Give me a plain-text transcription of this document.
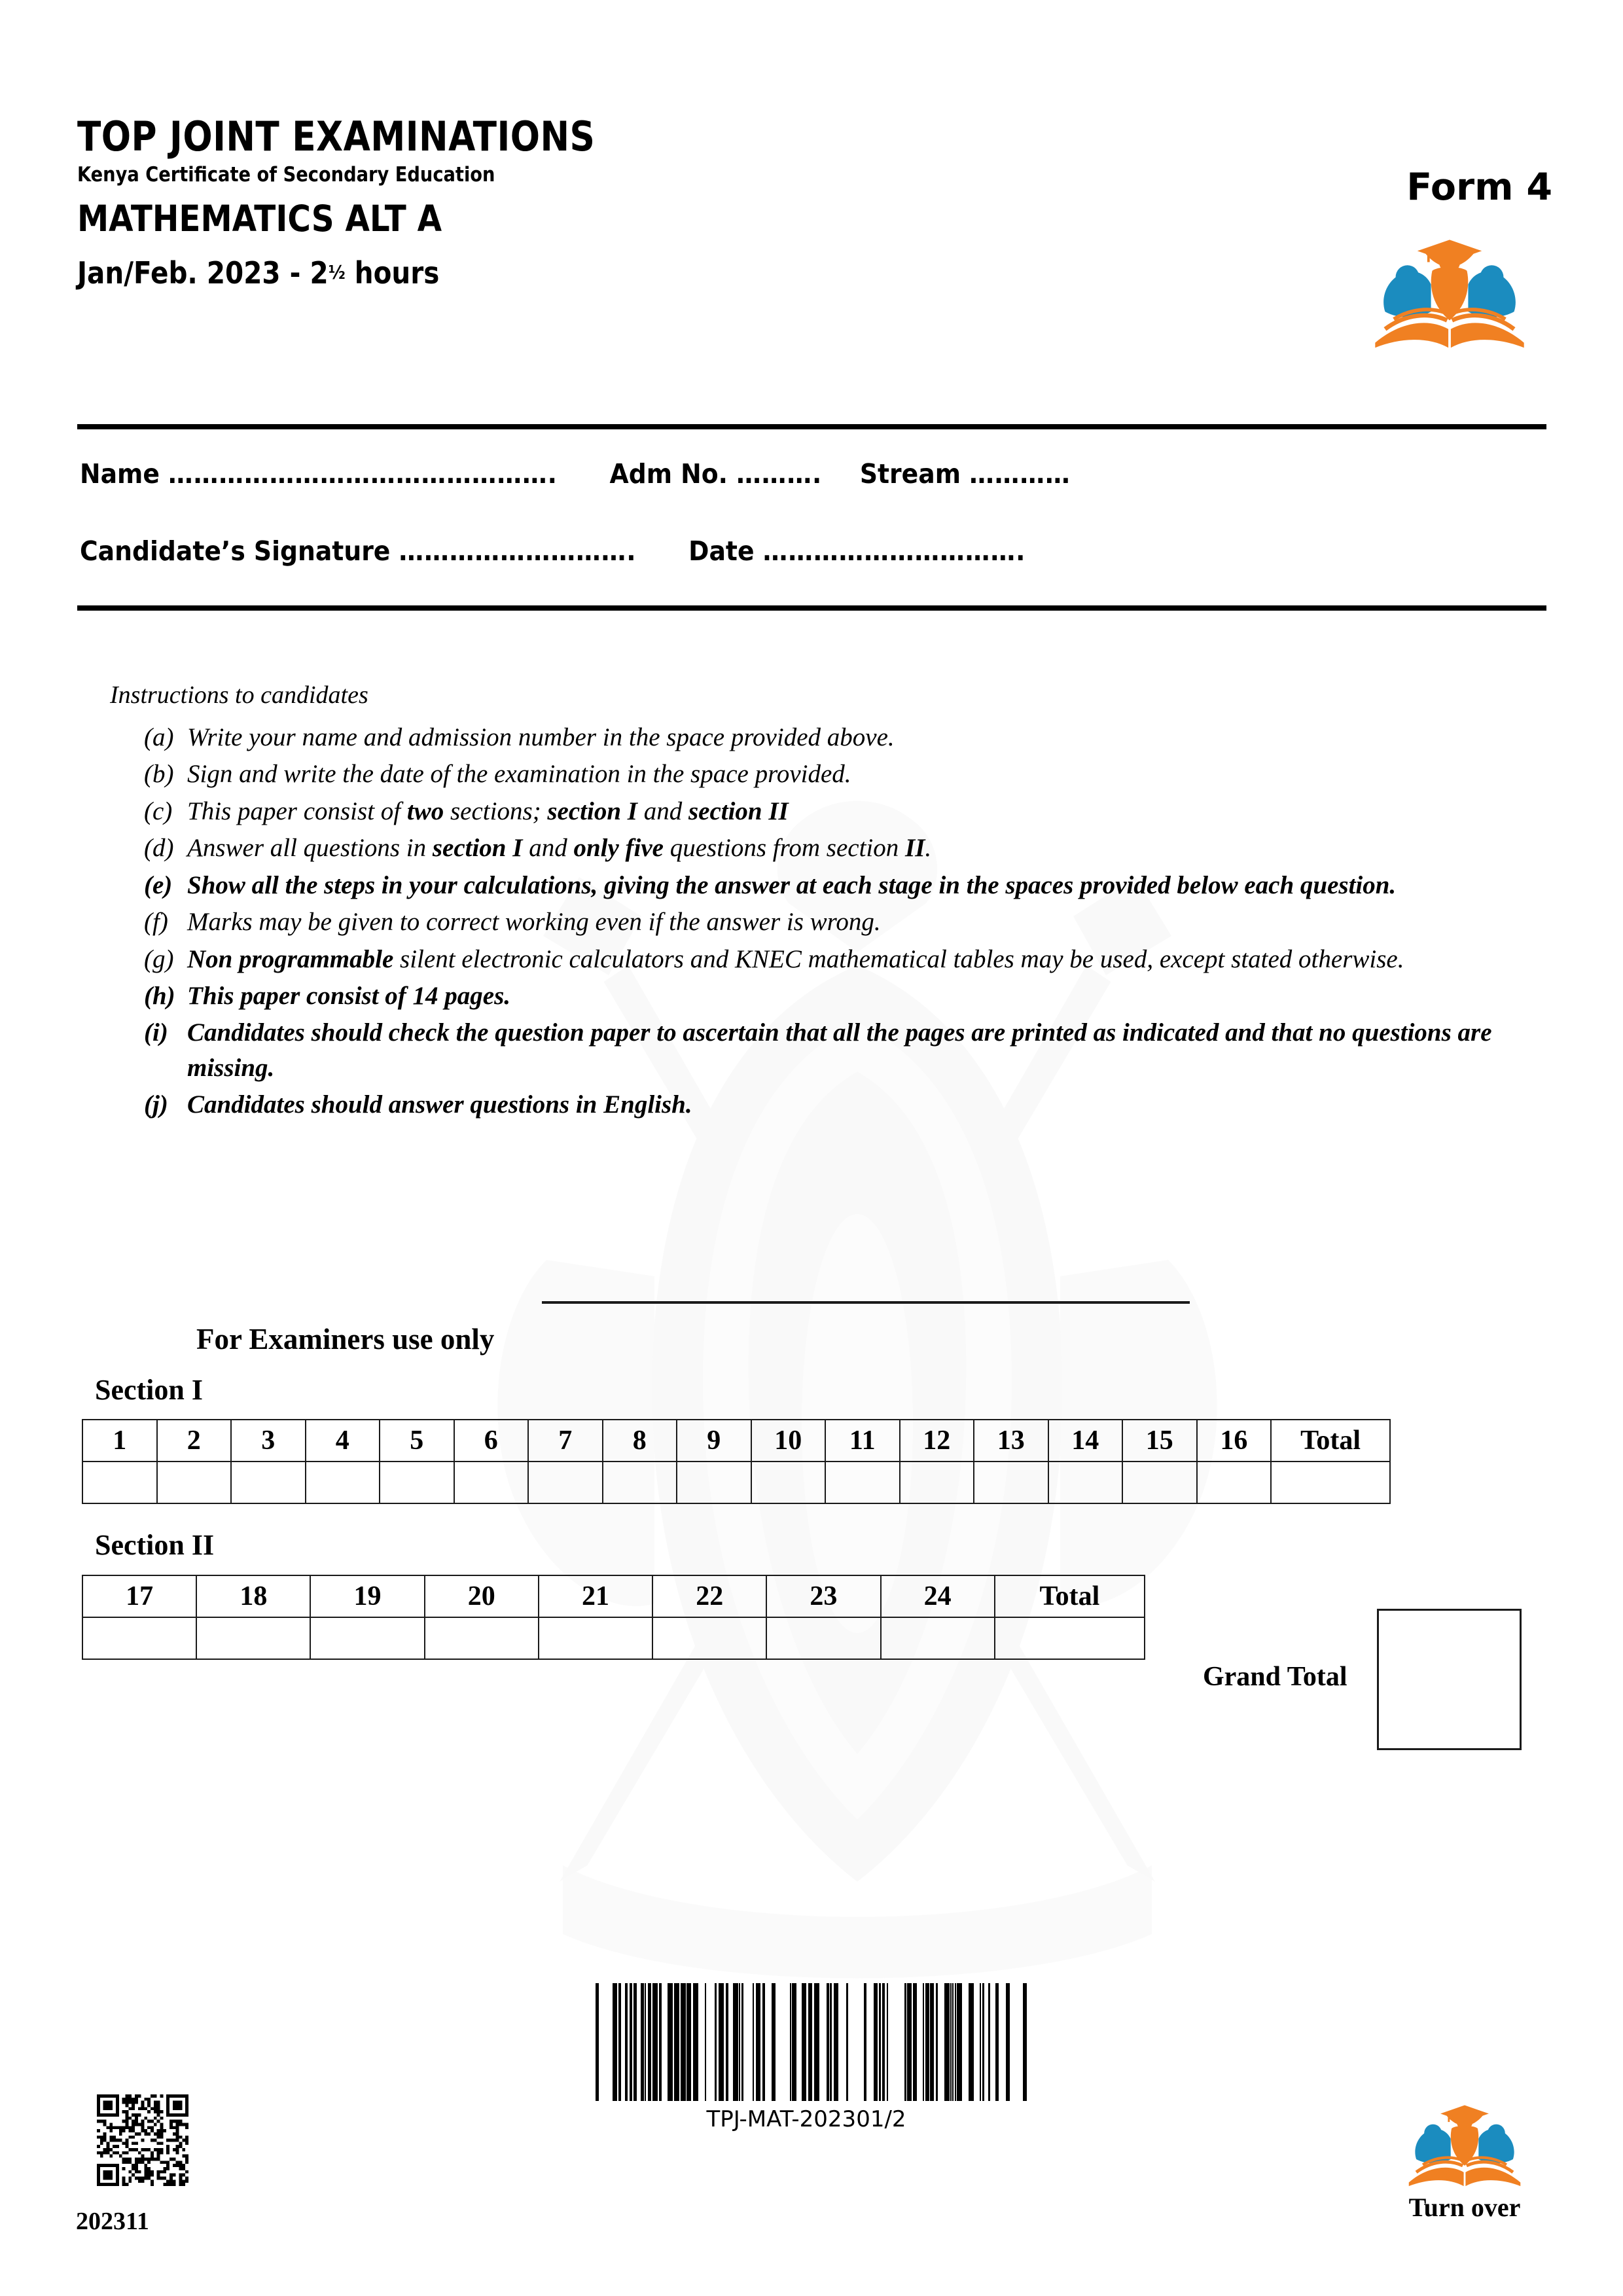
TOP JOINT EXAMINATIONS
Kenya Certificate of Secondary Education
MATHEMATICS ALT A
Jan/Feb. 2023 - 2½ hours
Form 4
Name ………………………………………. Adm No. ………. Stream …………
Candidate’s Signature ………………………. Date ………………………….
Instructions to candidates
(a) Write your name and admission number in the space provided above.
(b) Sign and write the date of the examination in the space provided.
(c) This paper consist of two sections; section I and section II
(d) Answer all questions in section I and only five questions from section II.
(e) Show all the steps in your calculations, giving the answer at each stage in the spaces provided below each question.
(f) Marks may be given to correct working even if the answer is wrong.
(g) Non programmable silent electronic calculators and KNEC mathematical tables may be used, except stated otherwise.
(h) This paper consist of 14 pages.
(i) Candidates should check the question paper to ascertain that all the pages are printed as indicated and that no questions are missing.
(j) Candidates should answer questions in English.
For Examiners use only
Section I
1	2	3	4	5	6	7	8	9	10	11	12	13	14	15	16	Total

Section II
17	18	19	20	21	22	23	24	Total

Grand Total
TPJ-MAT-202301/2
202311	Turn over
